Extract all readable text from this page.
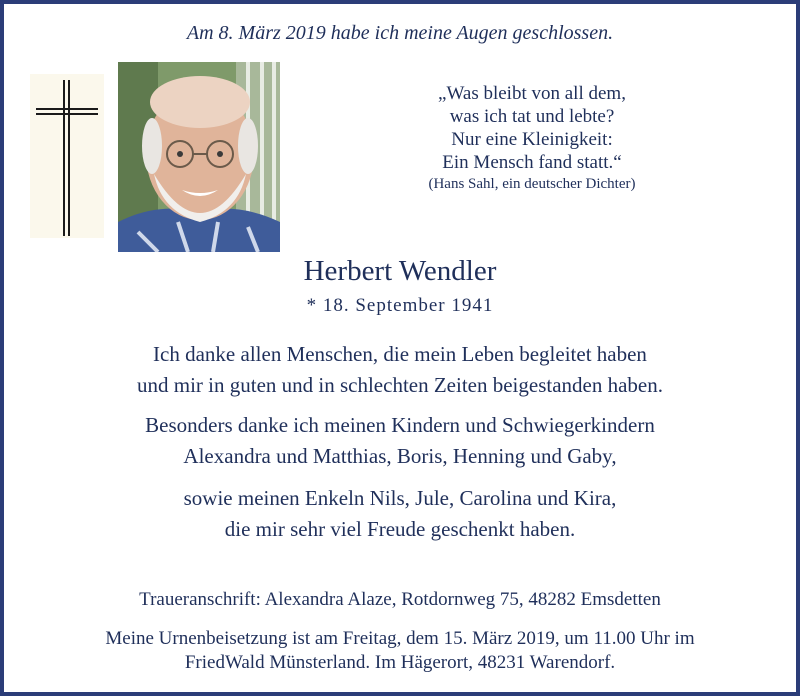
Am 8. März 2019 habe ich meine Augen geschlossen.
„Was bleibt von all dem,
was ich tat und lebte?
Nur eine Kleinigkeit:
Ein Mensch fand statt.“
(Hans Sahl, ein deutscher Dichter)
Herbert Wendler
* 18. September 1941
Ich danke allen Menschen, die mein Leben begleitet haben
und mir in guten und in schlechten Zeiten beigestanden haben.
Besonders danke ich meinen Kindern und Schwiegerkindern
Alexandra und Matthias, Boris, Henning und Gaby,
sowie meinen Enkeln Nils, Jule, Carolina und Kira,
die mir sehr viel Freude geschenkt haben.
Traueranschrift: Alexandra Alaze, Rotdornweg 75, 48282 Emsdetten
Meine Urnenbeisetzung ist am Freitag, dem 15. März 2019, um 11.00 Uhr im
FriedWald Münsterland. Im Hägerort, 48231 Warendorf.
